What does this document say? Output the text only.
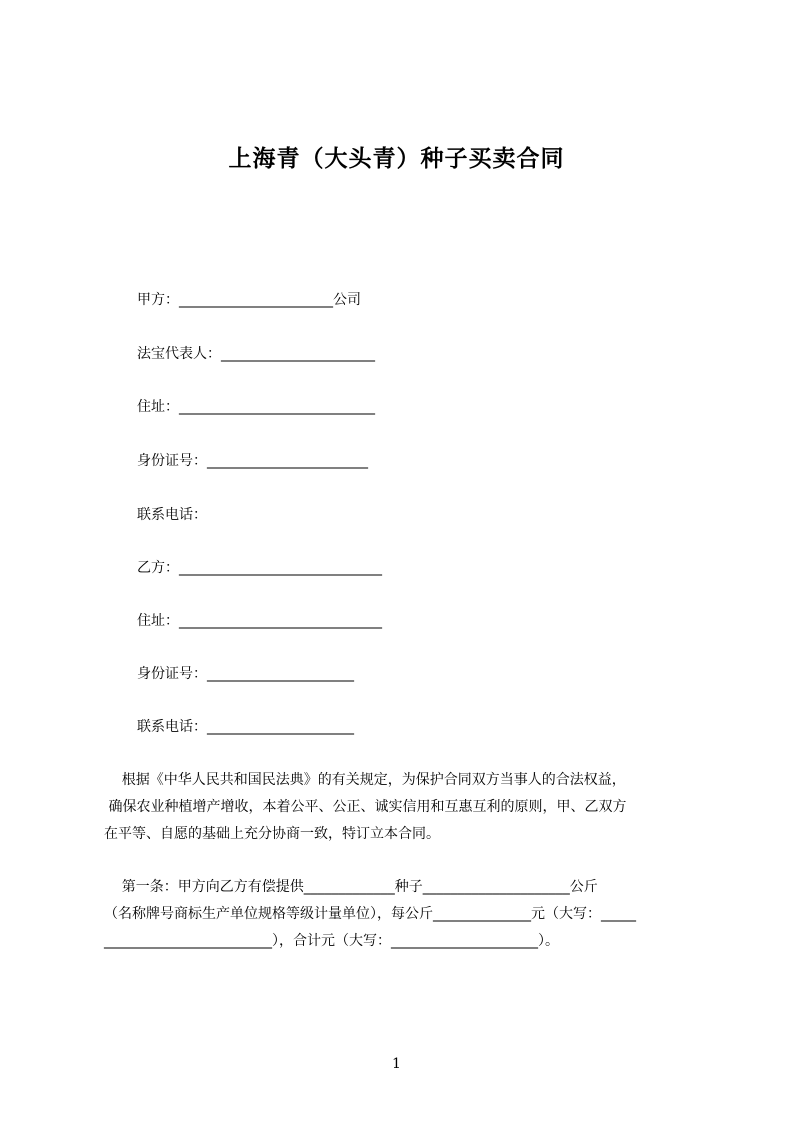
上海青（大头青）种子买卖合同
甲方：______________________公司
法宝代表人：______________________
住址：____________________________
身份证号：_______________________
联系电话：
乙方：_____________________________
住址：_____________________________
身份证号：_____________________
联系电话：_____________________
根据《中华人民共和国民法典》的有关规定，为保护合同双方当事人的合法权益，
确保农业种植增产增收，本着公平、公正、诚实信用和互惠互利的原则，甲、乙双方
在平等、自愿的基础上充分协商一致，特订立本合同。
第一条：甲方向乙方有偿提供_____________种子_____________________公斤
（名称牌号商标生产单位规格等级计量单位），每公斤______________元（大写：_____
________________________），合计元（大写：_____________________）。
1
